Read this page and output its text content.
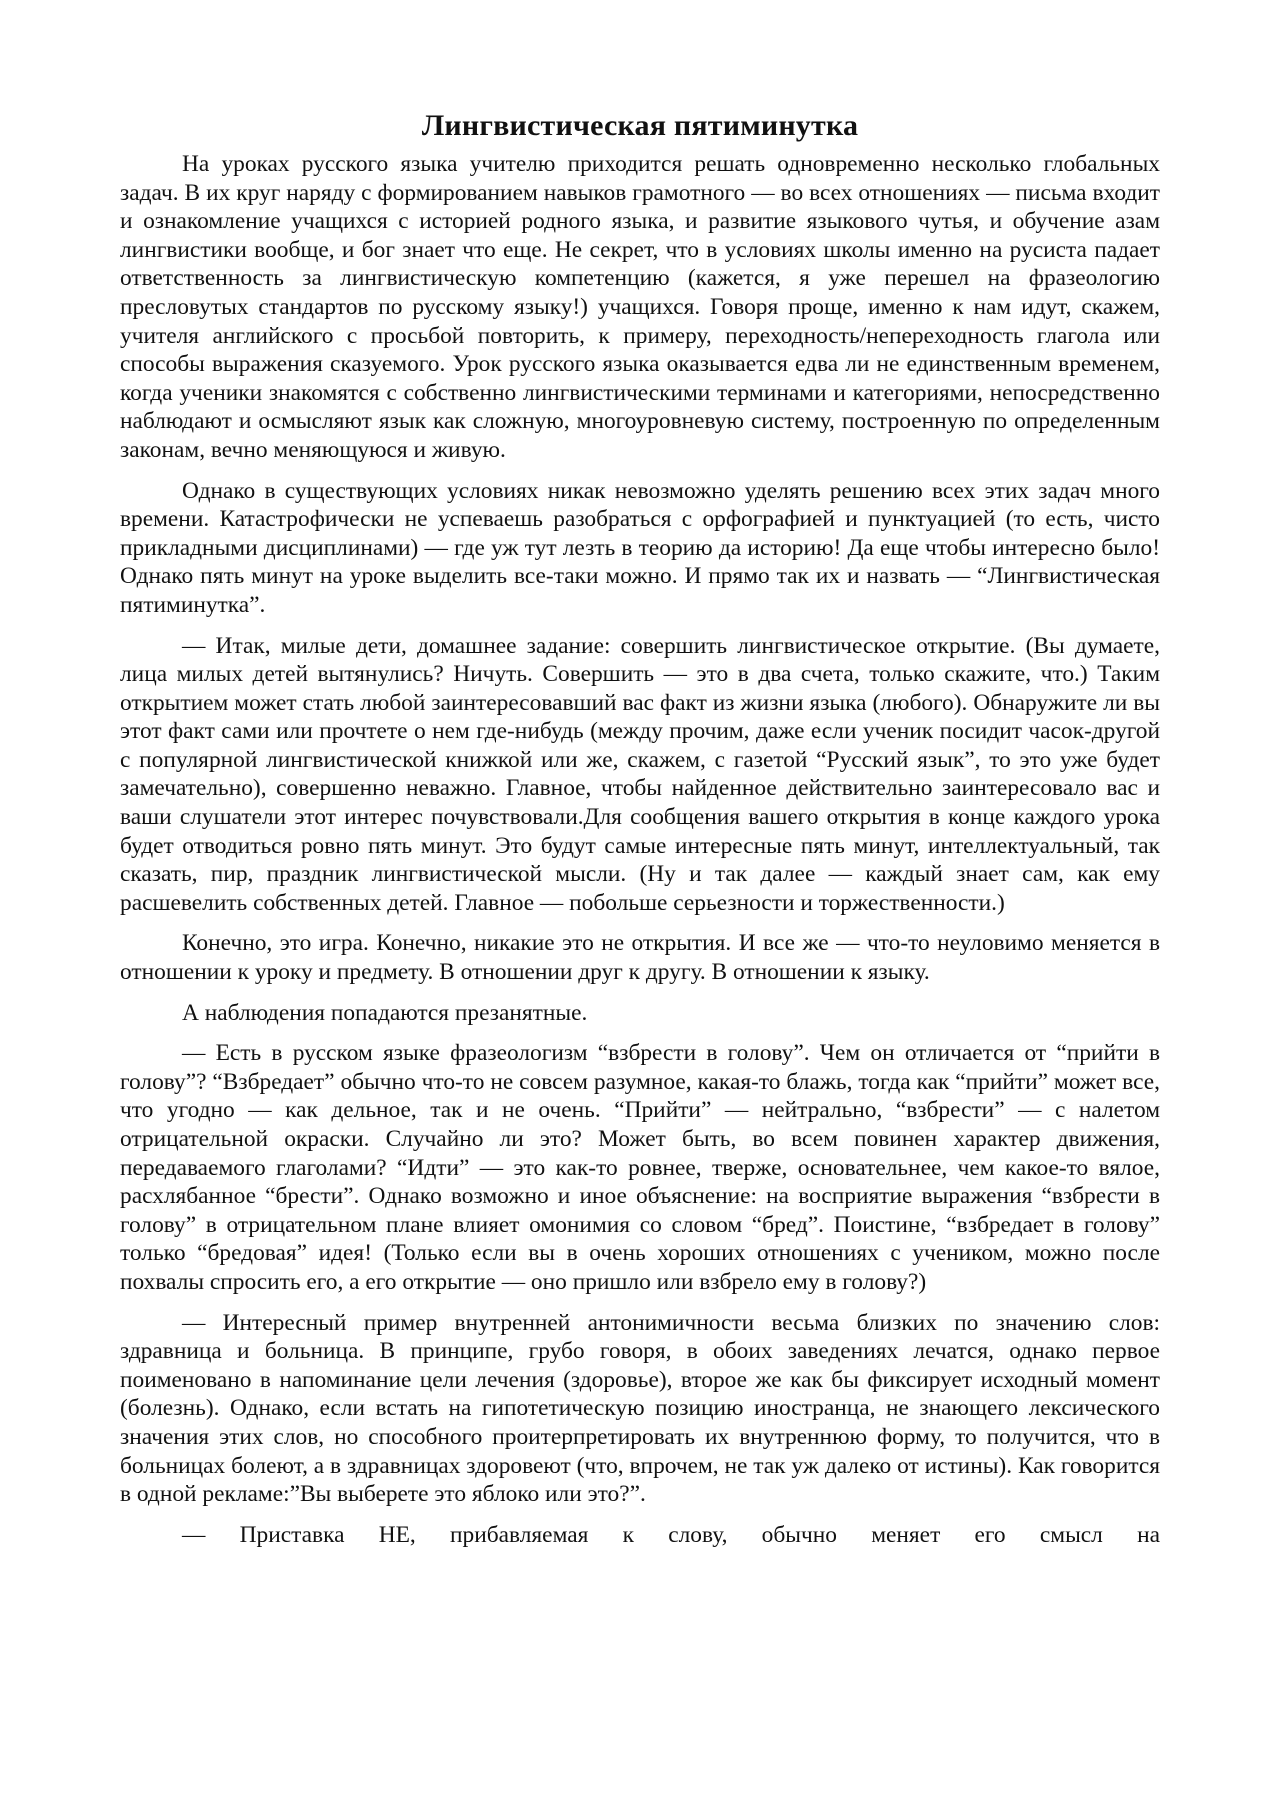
Лингвистическая пятиминутка

На уроках русского языка учителю приходится решать одновременно несколько глобальных задач. В их круг наряду с формированием навыков грамотного — во всех отношениях — письма входит и ознакомление учащихся с историей родного языка, и развитие языкового чутья, и обучение азам лингвистики вообще, и бог знает что еще. Не секрет, что в условиях школы именно на русиста падает ответственность за лингвистическую компетенцию (кажется, я уже перешел на фразеологию пресловутых стандартов по русскому языку!) учащихся. Говоря проще, именно к нам идут, скажем, учителя английского с просьбой повторить, к примеру, переходность/непереходность глагола или способы выражения сказуемого. Урок русского языка оказывается едва ли не единственным временем, когда ученики знакомятся с собственно лингвистическими терминами и категориями, непосредственно наблюдают и осмысляют язык как сложную, многоуровневую систему, построенную по определенным законам, вечно меняющуюся и живую.

Однако в существующих условиях никак невозможно уделять решению всех этих задач много времени. Катастрофически не успеваешь разобраться с орфографией и пунктуацией (то есть, чисто прикладными дисциплинами) — где уж тут лезть в теорию да историю! Да еще чтобы интересно было! Однако пять минут на уроке выделить все-таки можно. И прямо так их и назвать — “Лингвистическая пятиминутка”.

— Итак, милые дети, домашнее задание: совершить лингвистическое открытие. (Вы думаете, лица милых детей вытянулись? Ничуть. Совершить — это в два счета, только скажите, что.) Таким открытием может стать любой заинтересовавший вас факт из жизни языка (любого). Обнаружите ли вы этот факт сами или прочтете о нем где-нибудь (между прочим, даже если ученик посидит часок-другой с популярной лингвистической книжкой или же, скажем, с газетой “Русский язык”, то это уже будет замечательно), совершенно неважно. Главное, чтобы найденное действительно заинтересовало вас и ваши слушатели этот интерес почувствовали.Для сообщения вашего открытия в конце каждого урока будет отводиться ровно пять минут. Это будут самые интересные пять минут, интеллектуальный, так сказать, пир, праздник лингвистической мысли. (Ну и так далее — каждый знает сам, как ему расшевелить собственных детей. Главное — побольше серьезности и торжественности.)

Конечно, это игра. Конечно, никакие это не открытия. И все же — что-то неуловимо меняется в отношении к уроку и предмету. В отношении друг к другу. В отношении к языку.

А наблюдения попадаются презанятные.

— Есть в русском языке фразеологизм “взбрести в голову”. Чем он отличается от “прийти в голову”? “Взбредает” обычно что-то не совсем разумное, какая-то блажь, тогда как “прийти” может все, что угодно — как дельное, так и не очень. “Прийти” — нейтрально, “взбрести” — с налетом отрицательной окраски. Случайно ли это? Может быть, во всем повинен характер движения, передаваемого глаголами? “Идти” — это как-то ровнее, тверже, основательнее, чем какое-то вялое, расхлябанное “брести”. Однако возможно и иное объяснение: на восприятие выражения “взбрести в голову” в отрицательном плане влияет омонимия со словом “бред”. Поистине, “взбредает в голову” только “бредовая” идея! (Только если вы в очень хороших отношениях с учеником, можно после похвалы спросить его, а его открытие — оно пришло или взбрело ему в голову?)

— Интересный пример внутренней антонимичности весьма близких по значению слов: здравница и больница. В принципе, грубо говоря, в обоих заведениях лечатся, однако первое поименовано в напоминание цели лечения (здоровье), второе же как бы фиксирует исходный момент (болезнь). Однако, если встать на гипотетическую позицию иностранца, не знающего лексического значения этих слов, но способного проитерпретировать их внутреннюю форму, то получится, что в больницах болеют, а в здравницах здоровеют (что, впрочем, не так уж далеко от истины). Как говорится в одной рекламе:”Вы выберете это яблоко или это?”.

— Приставка НЕ, прибавляемая к слову, обычно меняет его смысл на
